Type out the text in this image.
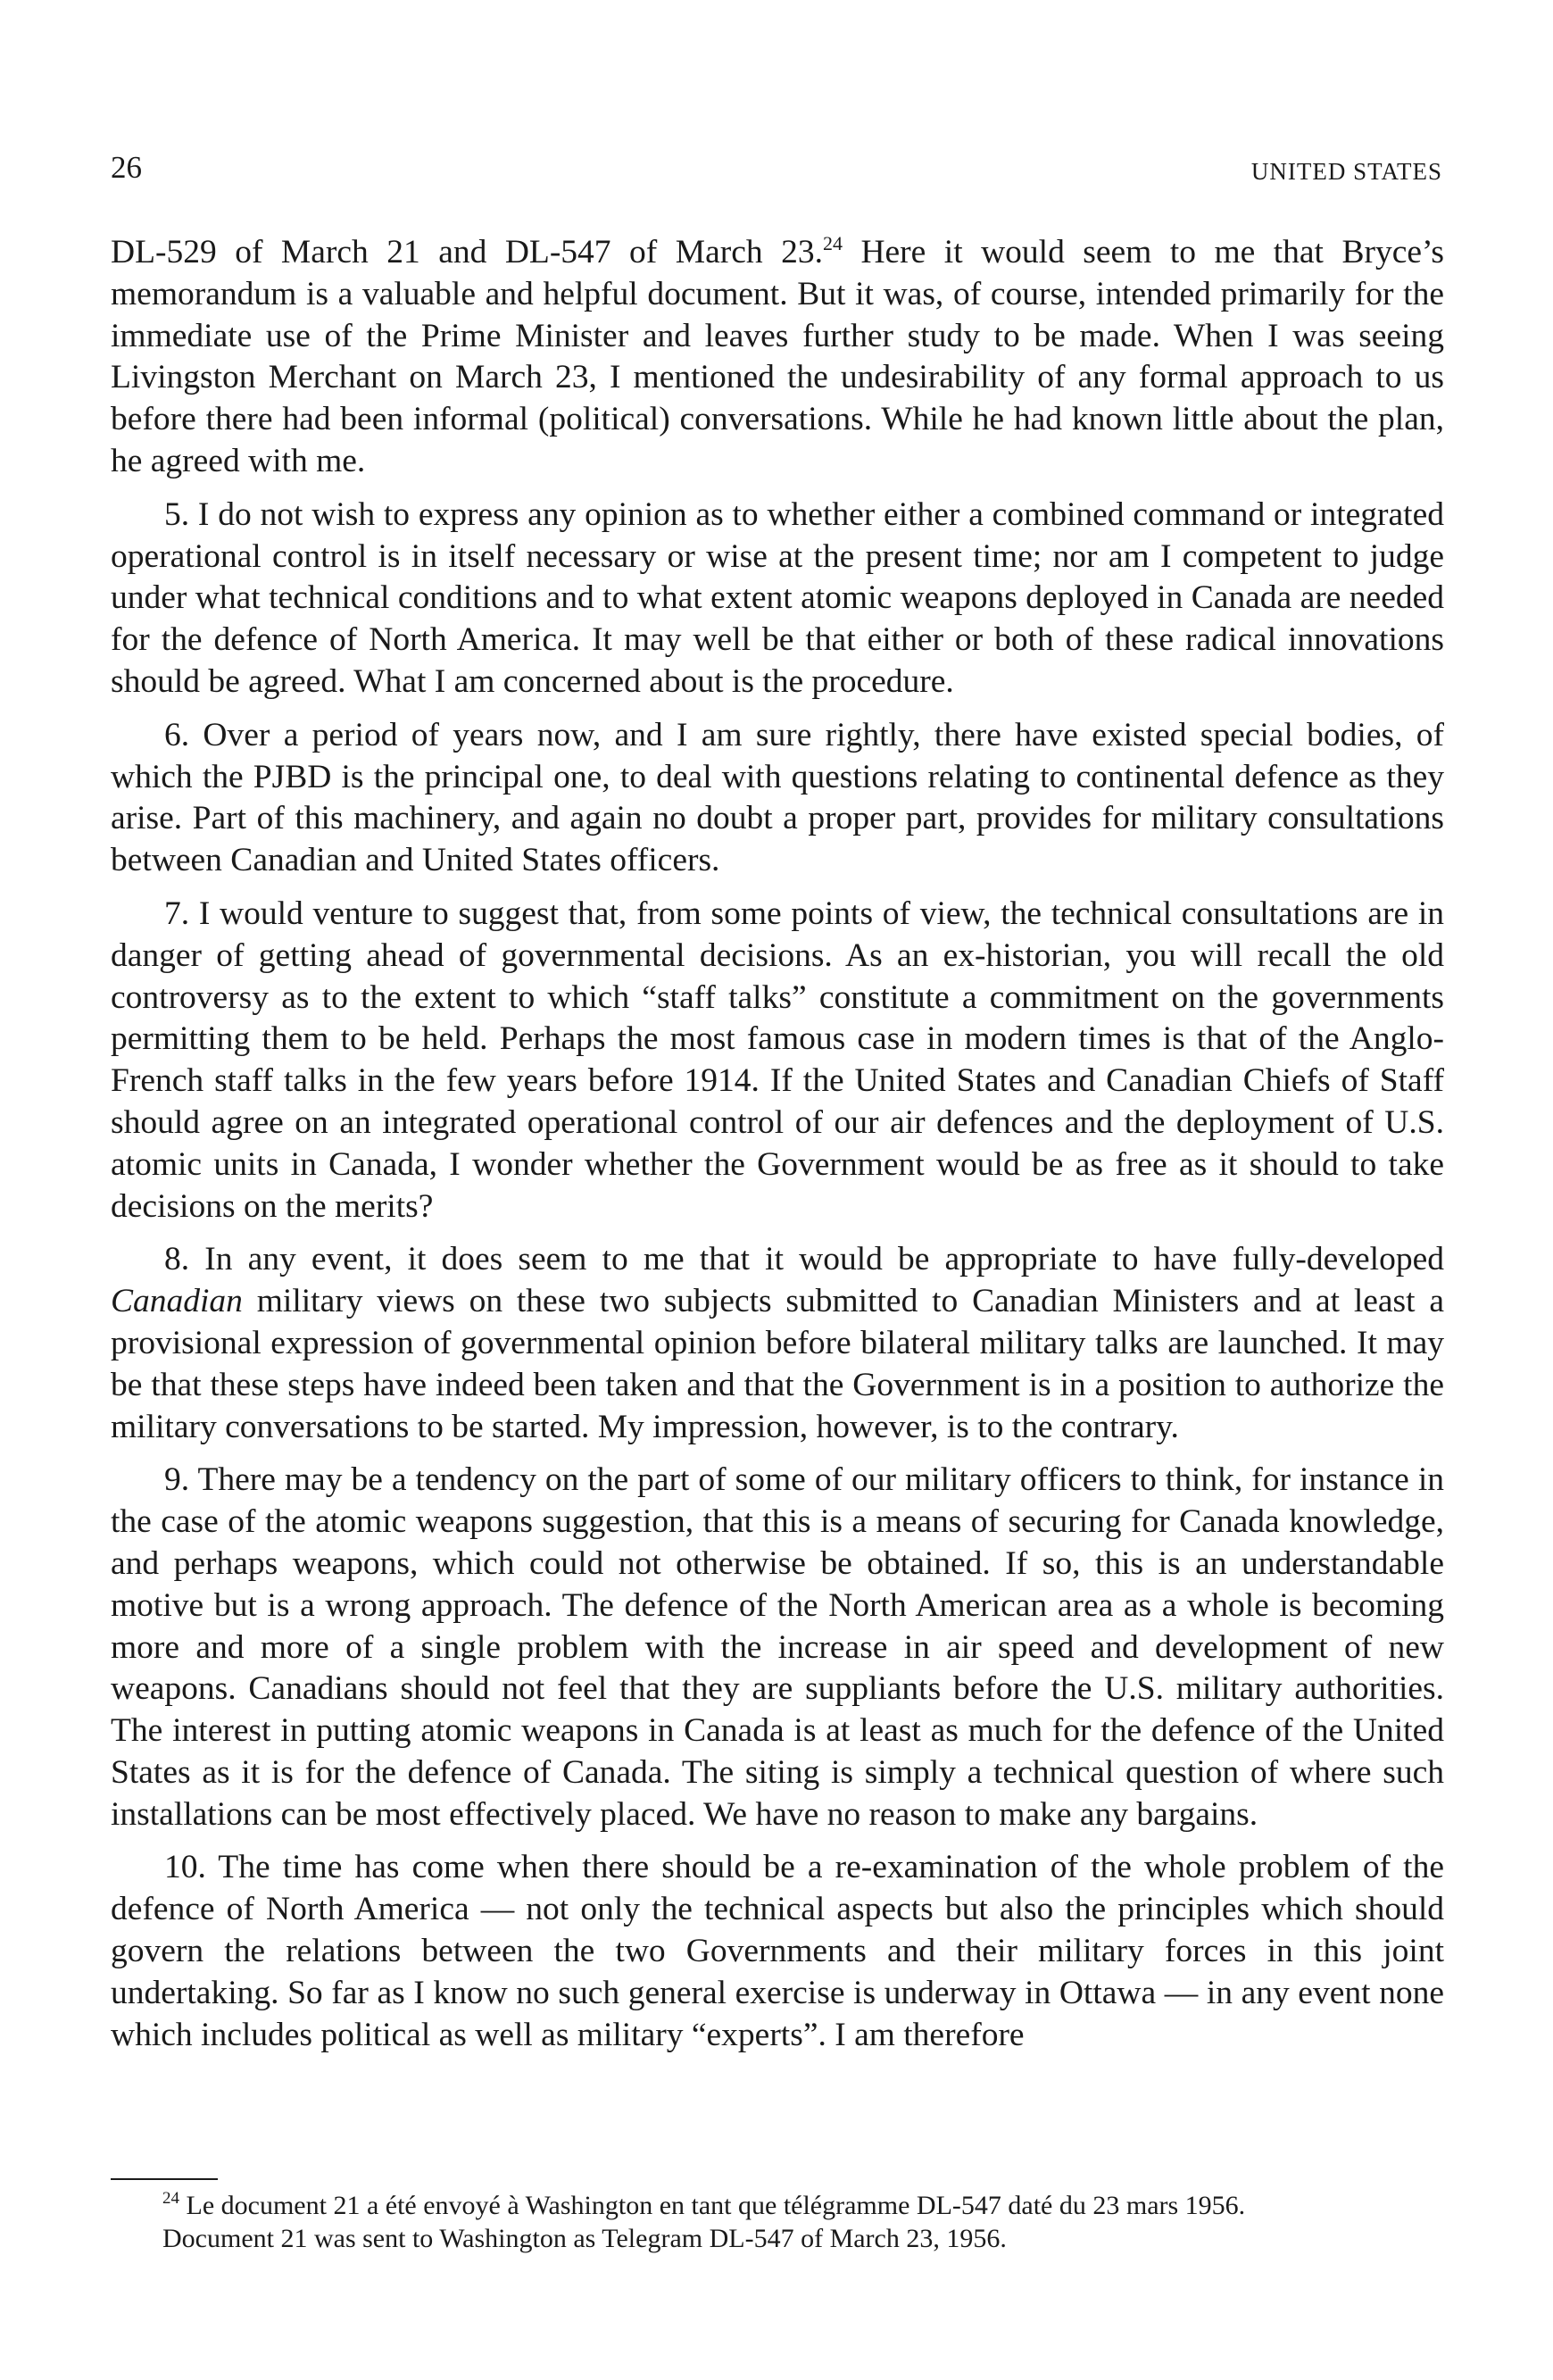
26	UNITED STATES

DL-529 of March 21 and DL-547 of March 23.24 Here it would seem to me that Bryce’s memorandum is a valuable and helpful document. But it was, of course, intended primarily for the immediate use of the Prime Minister and leaves further study to be made. When I was seeing Livingston Merchant on March 23, I mentioned the undesirability of any formal approach to us before there had been informal (political) conversations. While he had known little about the plan, he agreed with me.

5. I do not wish to express any opinion as to whether either a combined command or integrated operational control is in itself necessary or wise at the present time; nor am I competent to judge under what technical conditions and to what extent atomic weapons deployed in Canada are needed for the defence of North America. It may well be that either or both of these radical innovations should be agreed. What I am concerned about is the procedure.

6. Over a period of years now, and I am sure rightly, there have existed special bodies, of which the PJBD is the principal one, to deal with questions relating to continental defence as they arise. Part of this machinery, and again no doubt a proper part, provides for military consultations between Canadian and United States officers.

7. I would venture to suggest that, from some points of view, the technical consultations are in danger of getting ahead of governmental decisions. As an ex-historian, you will recall the old controversy as to the extent to which “staff talks” constitute a commitment on the governments permitting them to be held. Perhaps the most famous case in modern times is that of the Anglo-French staff talks in the few years before 1914. If the United States and Canadian Chiefs of Staff should agree on an integrated operational control of our air defences and the deployment of U.S. atomic units in Canada, I wonder whether the Government would be as free as it should to take decisions on the merits?

8. In any event, it does seem to me that it would be appropriate to have fully-developed Canadian military views on these two subjects submitted to Canadian Ministers and at least a provisional expression of governmental opinion before bilateral military talks are launched. It may be that these steps have indeed been taken and that the Government is in a position to authorize the military conversations to be started. My impression, however, is to the contrary.

9. There may be a tendency on the part of some of our military officers to think, for instance in the case of the atomic weapons suggestion, that this is a means of securing for Canada knowledge, and perhaps weapons, which could not otherwise be obtained. If so, this is an understandable motive but is a wrong approach. The defence of the North American area as a whole is becoming more and more of a single problem with the increase in air speed and development of new weapons. Canadians should not feel that they are suppliants before the U.S. military authorities. The interest in putting atomic weapons in Canada is at least as much for the defence of the United States as it is for the defence of Canada. The siting is simply a technical question of where such installations can be most effectively placed. We have no reason to make any bargains.

10. The time has come when there should be a re-examination of the whole problem of the defence of North America — not only the technical aspects but also the principles which should govern the relations between the two Governments and their military forces in this joint undertaking. So far as I know no such general exercise is underway in Ottawa — in any event none which includes political as well as military “experts”. I am therefore

$^{24}$ Le document 21 a été envoyé à Washington en tant que télégramme DL-547 daté du 23 mars 1956.

Document 21 was sent to Washington as Telegram DL-547 of March 23, 1956.
